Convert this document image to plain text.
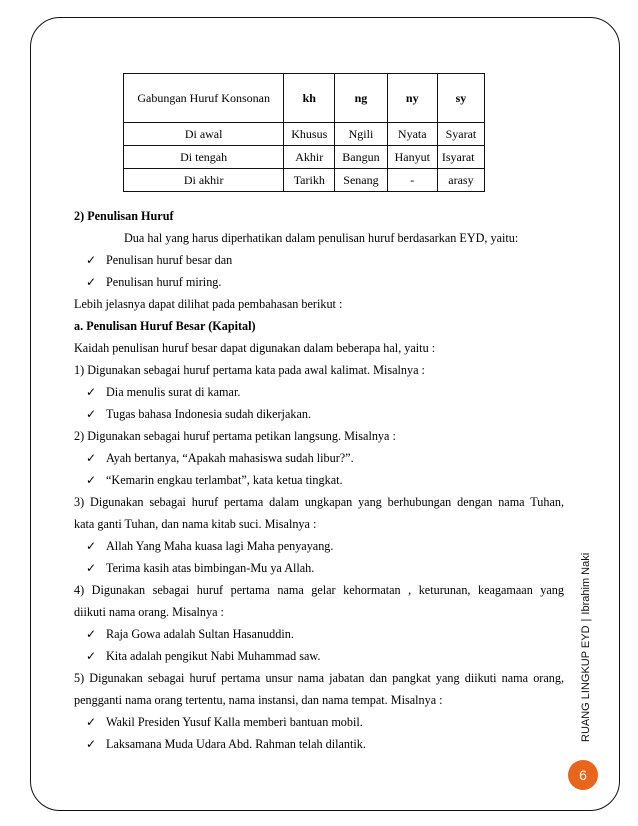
Gabungan Huruf Konsonan	kh	ng	ny	sy
Di awal	Khusus	Ngili	Nyata	Syarat
Di tengah	Akhir	Bangun	Hanyut	Isyarat
Di akhir	Tarikh	Senang	-	arasy
2) Penulisan Huruf
Dua hal yang harus diperhatikan dalam penulisan huruf berdasarkan EYD, yaitu:
✓ Penulisan huruf besar dan
✓ Penulisan huruf miring.
Lebih jelasnya dapat dilihat pada pembahasan berikut :
a. Penulisan Huruf Besar (Kapital)
Kaidah penulisan huruf besar dapat digunakan dalam beberapa hal, yaitu :
1) Digunakan sebagai huruf pertama kata pada awal kalimat. Misalnya :
✓ Dia menulis surat di kamar.
✓ Tugas bahasa Indonesia sudah dikerjakan.
2) Digunakan sebagai huruf pertama petikan langsung. Misalnya :
✓ Ayah bertanya, “Apakah mahasiswa sudah libur?”.
✓ “Kemarin engkau terlambat”, kata ketua tingkat.
3) Digunakan sebagai huruf pertama dalam ungkapan yang berhubungan dengan nama Tuhan,
kata ganti Tuhan, dan nama kitab suci. Misalnya :
✓ Allah Yang Maha kuasa lagi Maha penyayang.
✓ Terima kasih atas bimbingan-Mu ya Allah.
4) Digunakan sebagai huruf pertama nama gelar kehormatan , keturunan, keagamaan yang
diikuti nama orang. Misalnya :
✓ Raja Gowa adalah Sultan Hasanuddin.
✓ Kita adalah pengikut Nabi Muhammad saw.
5) Digunakan sebagai huruf pertama unsur nama jabatan dan pangkat yang diikuti nama orang,
pengganti nama orang tertentu, nama instansi, dan nama tempat. Misalnya :
✓ Wakil Presiden Yusuf Kalla memberi bantuan mobil.
✓ Laksamana Muda Udara Abd. Rahman telah dilantik.
RUANG LINGKUP EYD|Ibrahim Naki
6
